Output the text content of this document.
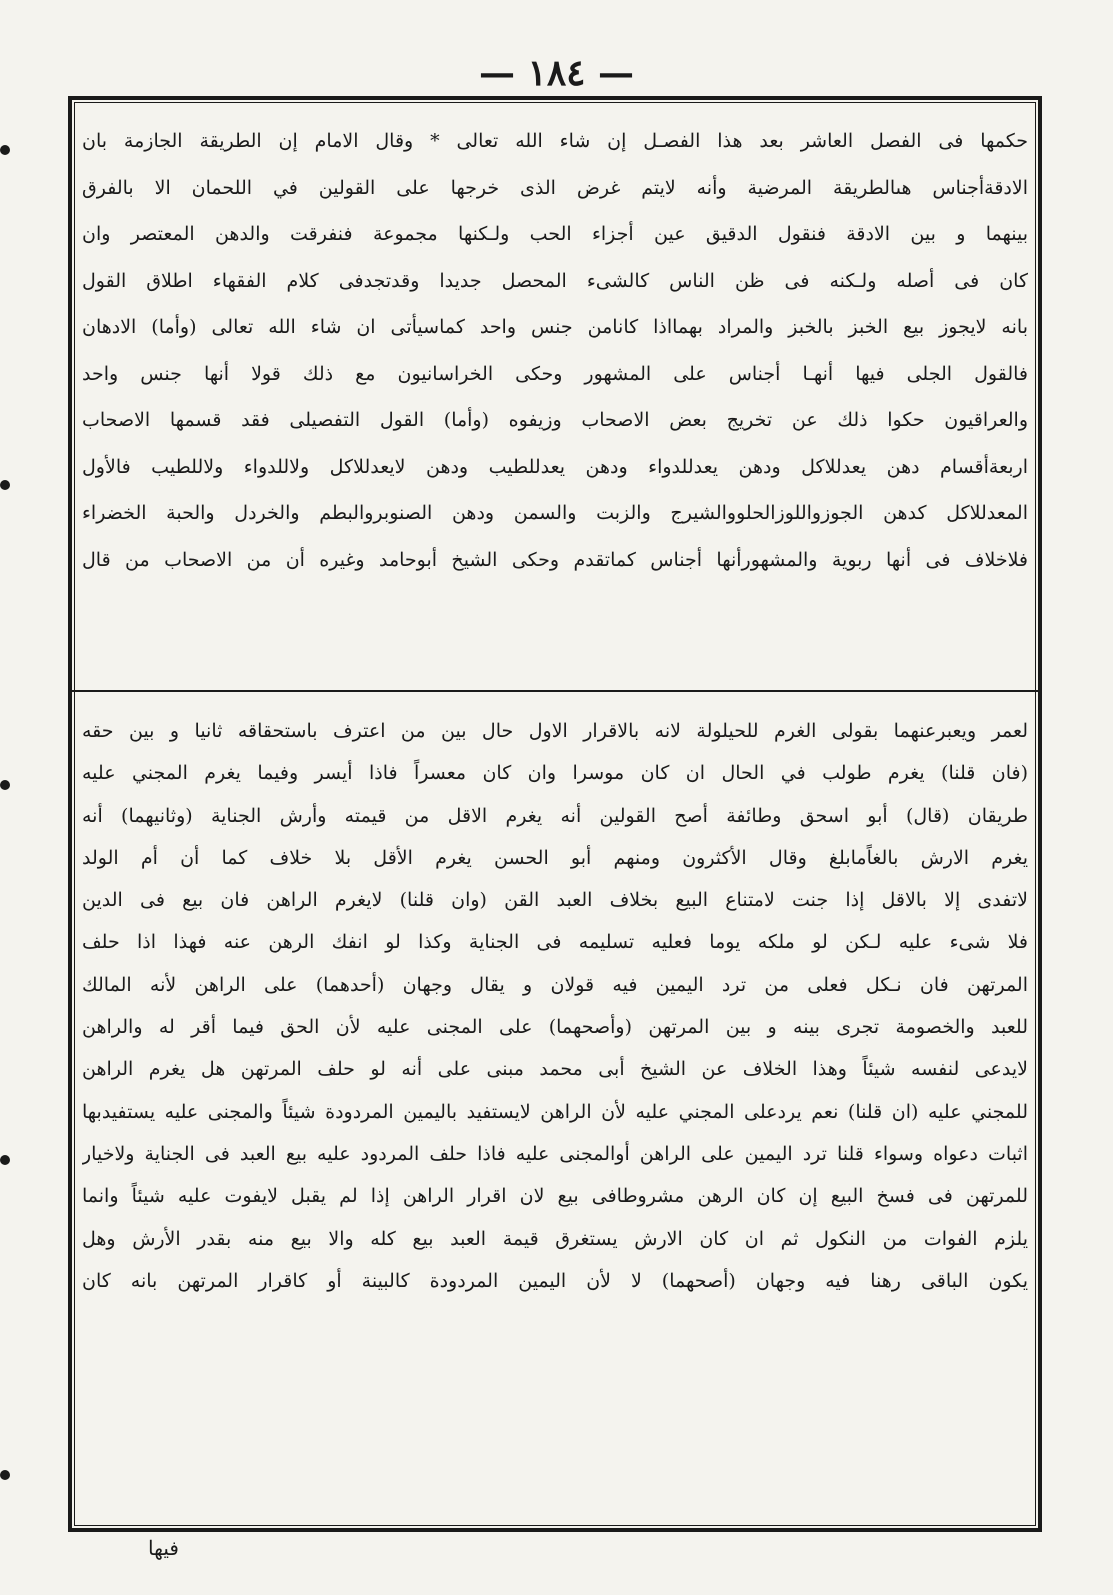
— ١٨٤ —
حكمها فى الفصل العاشر بعد هذا الفصـل إن شاء الله تعالى * وقال الامام إن الطريقة الجازمة بان
الادقةأجناس هىالطريقة المرضية وأنه لايتم غرض الذى خرجها على القولين في اللحمان الا بالفرق
بينهما و بين الادقة فنقول الدقيق عين أجزاء الحب ولـكنها مجموعة فنفرقت والدهن المعتصر وان
كان فى أصله ولـكنه فى ظن الناس كالشىء المحصل جديدا وقدتجدفى كلام الفقهاء اطلاق القول
بانه لايجوز بيع الخبز بالخبز والمراد بهمااذا كانامن جنس واحد كماسيأتى ان شاء الله تعالى (وأما) الادهان
فالقول الجلى فيها أنهـا أجناس على المشهور وحكى الخراسانيون مع ذلك قولا أنها جنس واحد
والعراقيون حكوا ذلك عن تخريج بعض الاصحاب وزيفوه (وأما) القول التفصيلى فقد قسمها الاصحاب
اربعةأقسام دهن يعدللاكل ودهن يعدللدواء ودهن يعدللطيب ودهن لايعدللاكل ولاللدواء ولاللطيب فالأول
المعدللاكل كدهن الجوزواللوزالحلووالشيرج والزبت والسمن ودهن الصنوبروالبطم والخردل والحبة الخضراء
فلاخلاف فى أنها ربوية والمشهورأنها أجناس كماتقدم وحكى الشيخ أبوحامد وغيره أن من الاصحاب من قال
لعمر ويعبرعنهما بقولى الغرم للحيلولة لانه بالاقرار الاول حال بين من اعترف باستحقاقه ثانيا و بين حقه
(فان قلنا) يغرم طولب في الحال ان كان موسرا وان كان معسراً فاذا أيسر وفيما يغرم المجني عليه
طريقان (قال) أبو اسحق وطائفة أصح القولين أنه يغرم الاقل من قيمته وأرش الجناية (وثانيهما) أنه
يغرم الارش بالغاًمابلغ وقال الأكثرون ومنهم أبو الحسن يغرم الأقل بلا خلاف كما أن أم الولد
لاتفدى إلا بالاقل إذا جنت لامتناع البيع بخلاف العبد القن (وان قلنا) لايغرم الراهن فان بيع فى الدين
فلا شىء عليه لـكن لو ملكه يوما فعليه تسليمه فى الجناية وكذا لو انفك الرهن عنه فهذا اذا حلف
المرتهن فان نـكل فعلى من ترد اليمين فيه قولان و يقال وجهان (أحدهما) على الراهن لأنه المالك
للعبد والخصومة تجرى بينه و بين المرتهن (وأصحهما) على المجنى عليه لأن الحق فيما أقر له والراهن
لايدعى لنفسه شيئاً وهذا الخلاف عن الشيخ أبى محمد مبنى على أنه لو حلف المرتهن هل يغرم الراهن
للمجني عليه (ان قلنا) نعم يردعلى المجني عليه لأن الراهن لايستفيد باليمين المردودة شيئاً والمجنى عليه يستفيدبها
اثبات دعواه وسواء قلنا ترد اليمين على الراهن أوالمجنى عليه فاذا حلف المردود عليه بيع العبد فى الجناية ولاخيار
للمرتهن فى فسخ البيع إن كان الرهن مشروطافى بيع لان اقرار الراهن إذا لم يقبل لايفوت عليه شيئاً وانما
يلزم الفوات من النكول ثم ان كان الارش يستغرق قيمة العبد بيع كله والا بيع منه بقدر الأرش وهل
يكون الباقى رهنا فيه وجهان (أصحهما) لا لأن اليمين المردودة كالبينة أو كاقرار المرتهن بانه كان
فيها
